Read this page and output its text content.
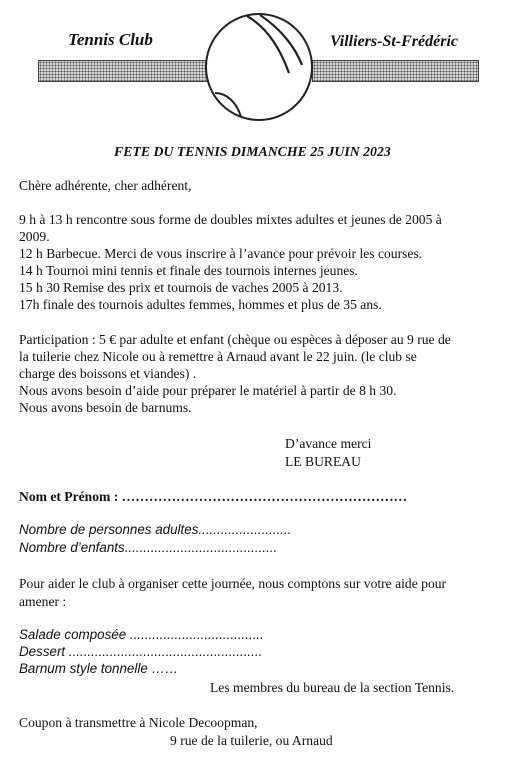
Tennis Club	Villiers-St-Frédéric
FETE DU TENNIS DIMANCHE 25 JUIN 2023
Chère adhérente, cher adhérent,
9 h à 13 h rencontre sous forme de doubles mixtes adultes et jeunes de 2005 à
2009.
12 h Barbecue. Merci de vous inscrire à l’avance pour prévoir les courses.
14 h Tournoi mini tennis et finale des tournois internes jeunes.
15 h 30 Remise des prix et tournois de vaches 2005 à 2013.
17h finale des tournois adultes femmes, hommes et plus de 35 ans.
Participation : 5 € par adulte et enfant (chèque ou espèces à déposer au 9 rue de
la tuilerie chez Nicole ou à remettre à Arnaud avant le 22 juin. (le club se
charge des boissons et viandes) .
Nous avons besoin d’aide pour préparer le matériel à partir de 8 h 30.
Nous avons besoin de barnums.
D’avance merci
LE BUREAU
Nom et Prénom : ………………………………………………………
Nombre de personnes adultes.........................
Nombre d’enfants.........................................
Pour aider le club à organiser cette journée, nous comptons sur votre aide pour
amener :
Salade composée ....................................
Dessert ....................................................
Barnum style tonnelle ……
Les membres du bureau de la section Tennis.
Coupon à transmettre à Nicole Decoopman,
9 rue de la tuilerie, ou Arnaud
